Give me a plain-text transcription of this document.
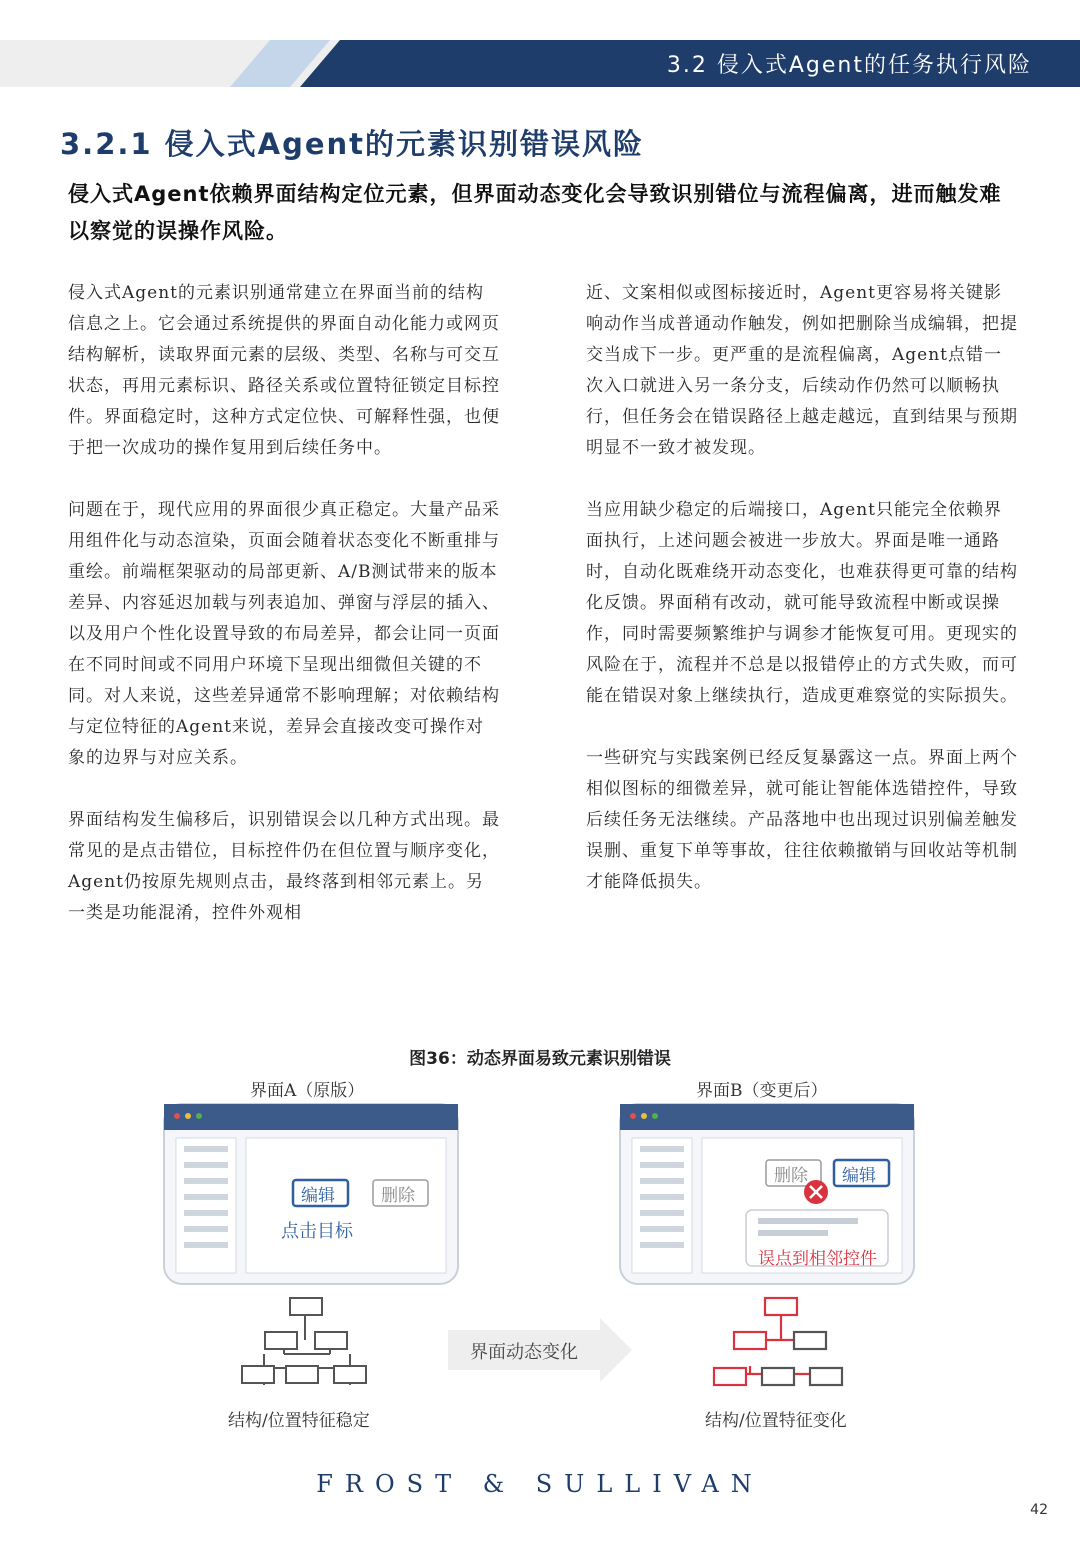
3.2 侵入式Agent的任务执行风险
3.2.1 侵入式Agent的元素识别错误风险
侵入式Agent依赖界面结构定位元素，但界面动态变化会导致识别错位与流程偏离，进而触发难以察觉的误操作风险。

侵入式Agent的元素识别通常建立在界面当前的结构信息之上。它会通过系统提供的界面自动化能力或网页结构解析，读取界面元素的层级、类型、名称与可交互状态，再用元素标识、路径关系或位置特征锁定目标控件。界面稳定时，这种方式定位快、可解释性强，也便于把一次成功的操作复用到后续任务中。

问题在于，现代应用的界面很少真正稳定。大量产品采用组件化与动态渲染，页面会随着状态变化不断重排与重绘。前端框架驱动的局部更新、A/B测试带来的版本差异、内容延迟加载与列表追加、弹窗与浮层的插入、以及用户个性化设置导致的布局差异，都会让同一页面在不同时间或不同用户环境下呈现出细微但关键的不同。对人来说，这些差异通常不影响理解；对依赖结构与定位特征的Agent来说，差异会直接改变可操作对象的边界与对应关系。

界面结构发生偏移后，识别错误会以几种方式出现。最常见的是点击错位，目标控件仍在但位置与顺序变化，Agent仍按原先规则点击，最终落到相邻元素上。另一类是功能混淆，控件外观相

近、文案相似或图标接近时，Agent更容易将关键影响动作当成普通动作触发，例如把删除当成编辑，把提交当成下一步。更严重的是流程偏离，Agent点错一次入口就进入另一条分支，后续动作仍然可以顺畅执行，但任务会在错误路径上越走越远，直到结果与预期明显不一致才被发现。

当应用缺少稳定的后端接口，Agent只能完全依赖界面执行，上述问题会被进一步放大。界面是唯一通路时，自动化既难绕开动态变化，也难获得更可靠的结构化反馈。界面稍有改动，就可能导致流程中断或误操作，同时需要频繁维护与调参才能恢复可用。更现实的风险在于，流程并不总是以报错停止的方式失败，而可能在错误对象上继续执行，造成更难察觉的实际损失。

一些研究与实践案例已经反复暴露这一点。界面上两个相似图标的细微差异，就可能让智能体选错控件，导致后续任务无法继续。产品落地中也出现过识别偏差触发误删、重复下单等事故，往往依赖撤销与回收站等机制才能降低损失。

图36：动态界面易致元素识别错误
界面A（原版）	界面B（变更后）
编辑	删除
点击目标
删除 编辑
误点到相邻控件
界面动态变化
结构/位置特征稳定	结构/位置特征变化
FROST & SULLIVAN
42
